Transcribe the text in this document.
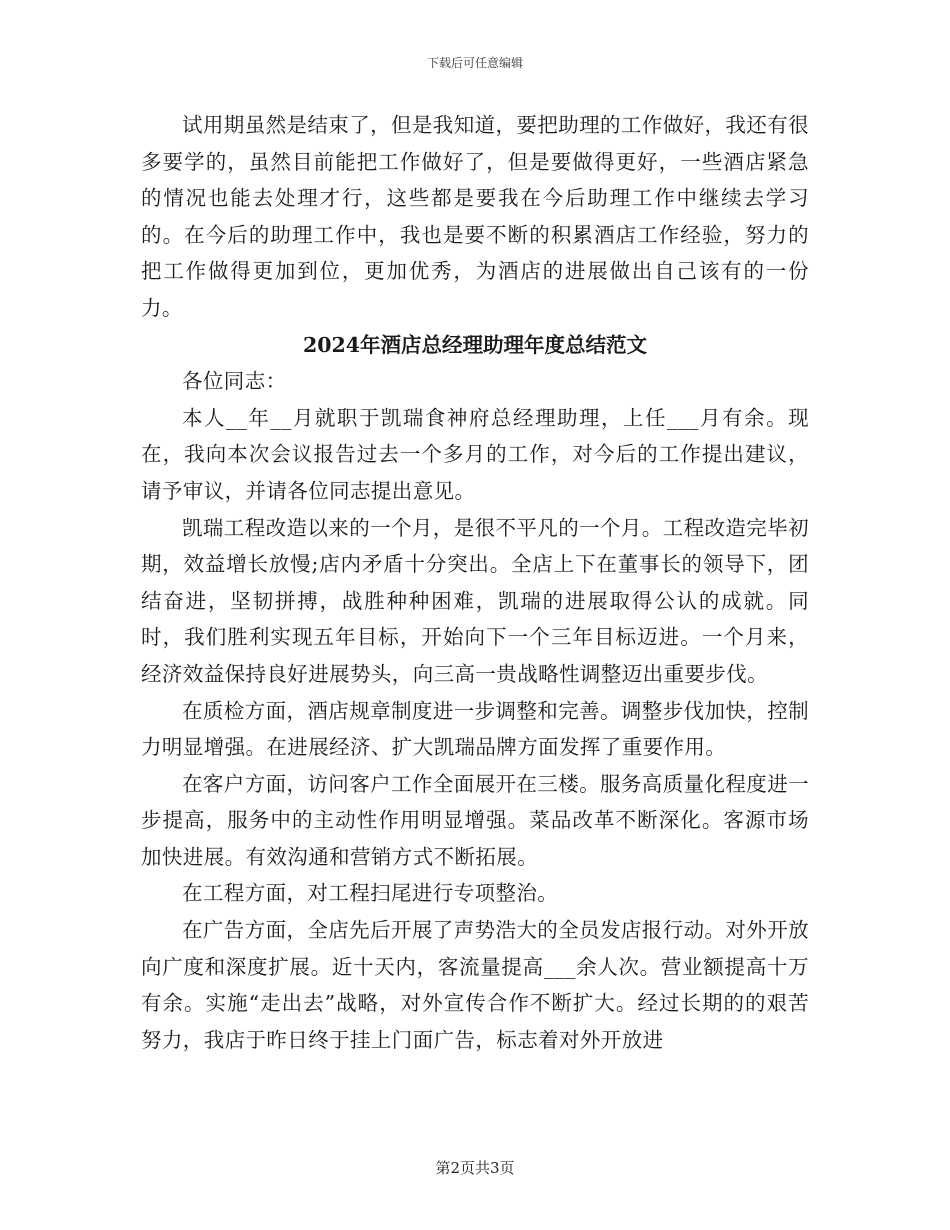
下载后可任意编辑

试用期虽然是结束了，但是我知道，要把助理的工作做好，我还有很多要学的，虽然目前能把工作做好了，但是要做得更好，一些酒店紧急的情况也能去处理才行，这些都是要我在今后助理工作中继续去学习的。在今后的助理工作中，我也是要不断的积累酒店工作经验，努力的把工作做得更加到位，更加优秀，为酒店的进展做出自己该有的一份力。

2024年酒店总经理助理年度总结范文

各位同志：

本人__年__月就职于凯瑞食神府总经理助理，上任___月有余。现在，我向本次会议报告过去一个多月的工作，对今后的工作提出建议，请予审议，并请各位同志提出意见。

凯瑞工程改造以来的一个月，是很不平凡的一个月。工程改造完毕初期，效益增长放慢;店内矛盾十分突出。全店上下在董事长的领导下，团结奋进，坚韧拼搏，战胜种种困难，凯瑞的进展取得公认的成就。同时，我们胜利实现五年目标，开始向下一个三年目标迈进。一个月来，经济效益保持良好进展势头，向三高一贵战略性调整迈出重要步伐。

在质检方面，酒店规章制度进一步调整和完善。调整步伐加快，控制力明显增强。在进展经济、扩大凯瑞品牌方面发挥了重要作用。

在客户方面，访问客户工作全面展开在三楼。服务高质量化程度进一步提高，服务中的主动性作用明显增强。菜品改革不断深化。客源市场加快进展。有效沟通和营销方式不断拓展。

在工程方面，对工程扫尾进行专项整治。

在广告方面，全店先后开展了声势浩大的全员发店报行动。对外开放向广度和深度扩展。近十天内，客流量提高___余人次。营业额提高十万有余。实施“走出去”战略，对外宣传合作不断扩大。经过长期的的艰苦努力，我店于昨日终于挂上门面广告，标志着对外开放进

第2页共3页
